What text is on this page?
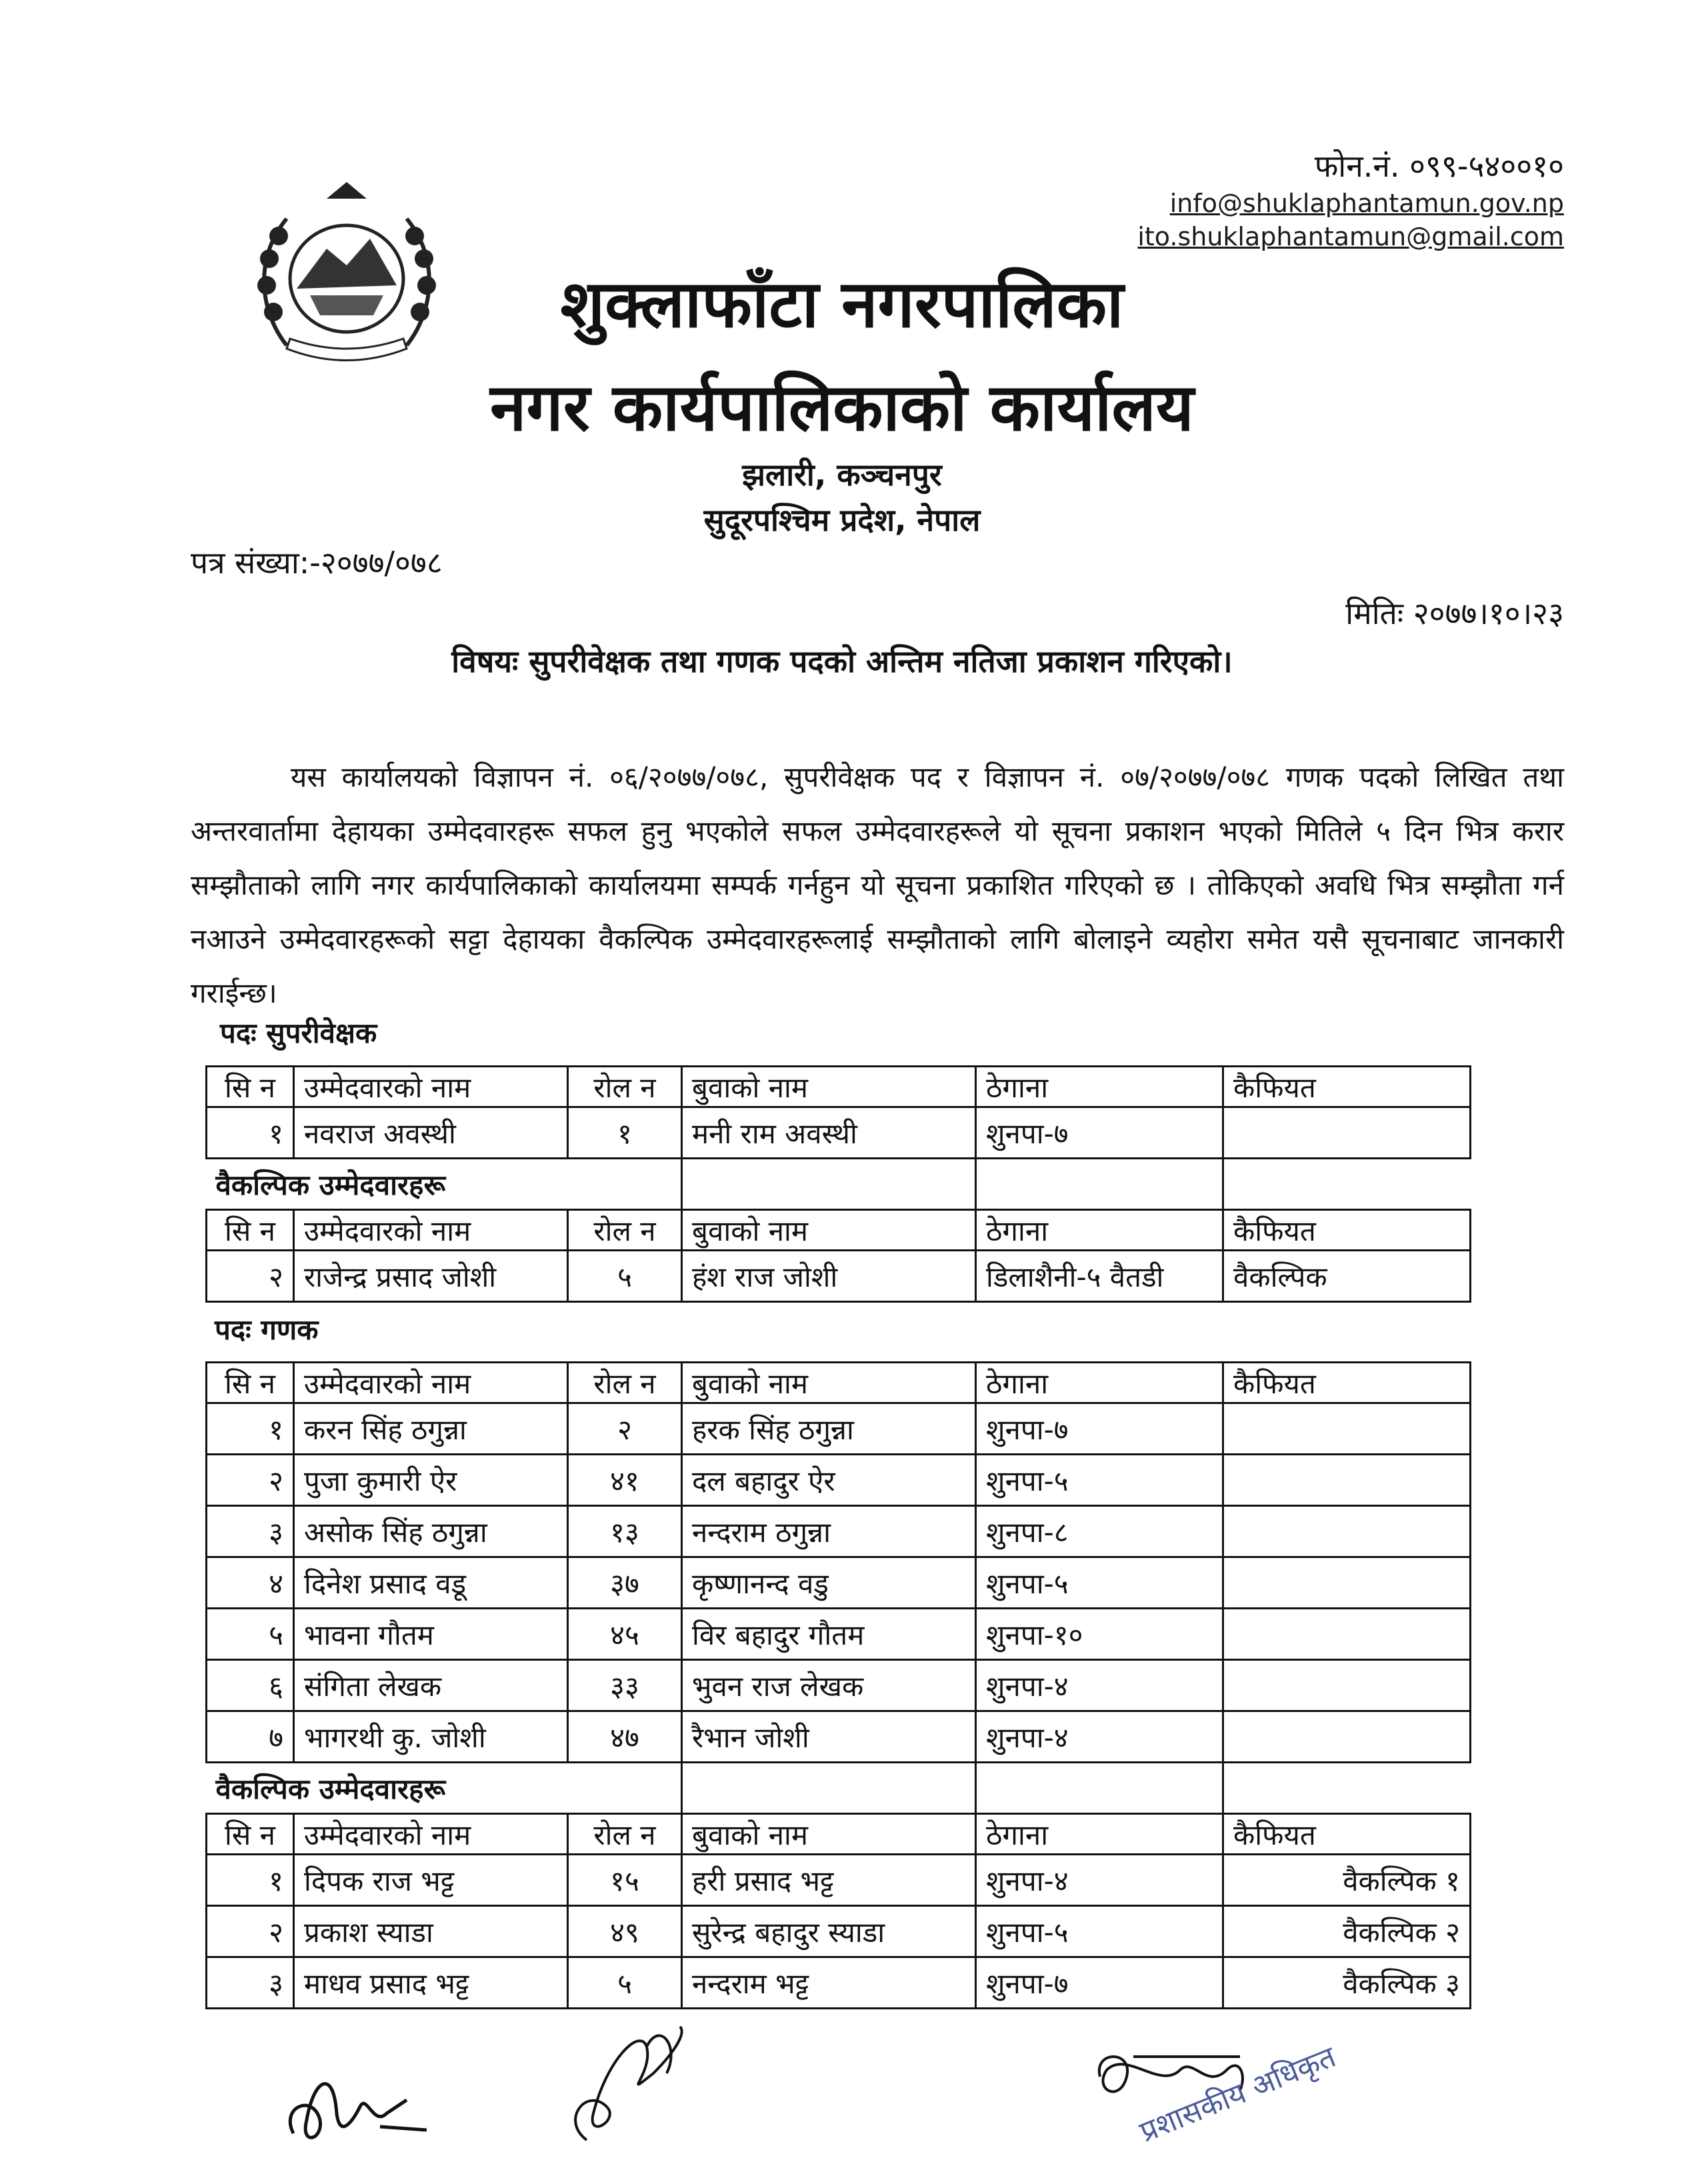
फोन.नं. ०९९-५४००१०
info@shuklaphantamun.gov.np
ito.shuklaphantamun@gmail.com
शुक्लाफाँटा नगरपालिका
नगर कार्यपालिकाको कार्यालय
झलारी, कञ्चनपुर
सुदूरपश्चिम प्रदेश, नेपाल
पत्र संख्या:-२०७७/०७८
मितिः २०७७।१०।२३
विषयः सुपरीवेक्षक तथा गणक पदको अन्तिम नतिजा प्रकाशन गरिएको।
यस कार्यालयको विज्ञापन नं. ०६/२०७७/०७८, सुपरीवेक्षक पद र विज्ञापन नं. ०७/२०७७/०७८ गणक पदको लिखित तथा अन्तरवार्तामा देहायका उम्मेदवारहरू सफल हुनु भएकोले सफल उम्मेदवारहरूले यो सूचना प्रकाशन भएको मितिले ५ दिन भित्र करार सम्झौताको लागि नगर कार्यपालिकाको कार्यालयमा सम्पर्क गर्नहुन यो सूचना प्रकाशित गरिएको छ । तोकिएको अवधि भित्र सम्झौता गर्न नआउने उम्मेदवारहरूको सट्टा देहायका वैकल्पिक उम्मेदवारहरूलाई सम्झौताको लागि बोलाइने व्यहोरा समेत यसै सूचनाबाट जानकारी गराईन्छ।
पदः सुपरीवेक्षक
सि न	उम्मेदवारको नाम	रोल न	बुवाको नाम	ठेगाना	कैफियत
१	नवराज अवस्थी	१	मनी राम अवस्थी	शुनपा-७	
वैकल्पिक उम्मेदवारहरू					
सि न	उम्मेदवारको नाम	रोल न	बुवाको नाम	ठेगाना	कैफियत
२	राजेन्द्र प्रसाद जोशी	५	हंश राज जोशी	डिलाशैनी-५ वैतडी	वैकल्पिक
पदः गणक
सि न	उम्मेदवारको नाम	रोल न	बुवाको नाम	ठेगाना	कैफियत
१	करन सिंह ठगुन्ना	२	हरक सिंह ठगुन्ना	शुनपा-७	
२	पुजा कुमारी ऐर	४१	दल बहादुर ऐर	शुनपा-५	
३	असोक सिंह ठगुन्ना	१३	नन्दराम ठगुन्ना	शुनपा-८	
४	दिनेश प्रसाद वडू	३७	कृष्णानन्द वडु	शुनपा-५	
५	भावना गौतम	४५	विर बहादुर गौतम	शुनपा-१०	
६	संगिता लेखक	३३	भुवन राज लेखक	शुनपा-४	
७	भागरथी कु. जोशी	४७	रैभान जोशी	शुनपा-४	
वैकल्पिक उम्मेदवारहरू					
सि न	उम्मेदवारको नाम	रोल न	बुवाको नाम	ठेगाना	कैफियत
१	दिपक राज भट्ट	१५	हरी प्रसाद भट्ट	शुनपा-४	वैकल्पिक १
२	प्रकाश स्याडा	४९	सुरेन्द्र बहादुर स्याडा	शुनपा-५	वैकल्पिक २
३	माधव प्रसाद भट्ट	५	नन्दराम भट्ट	शुनपा-७	वैकल्पिक ३
प्रशासकीय अधिकृत
